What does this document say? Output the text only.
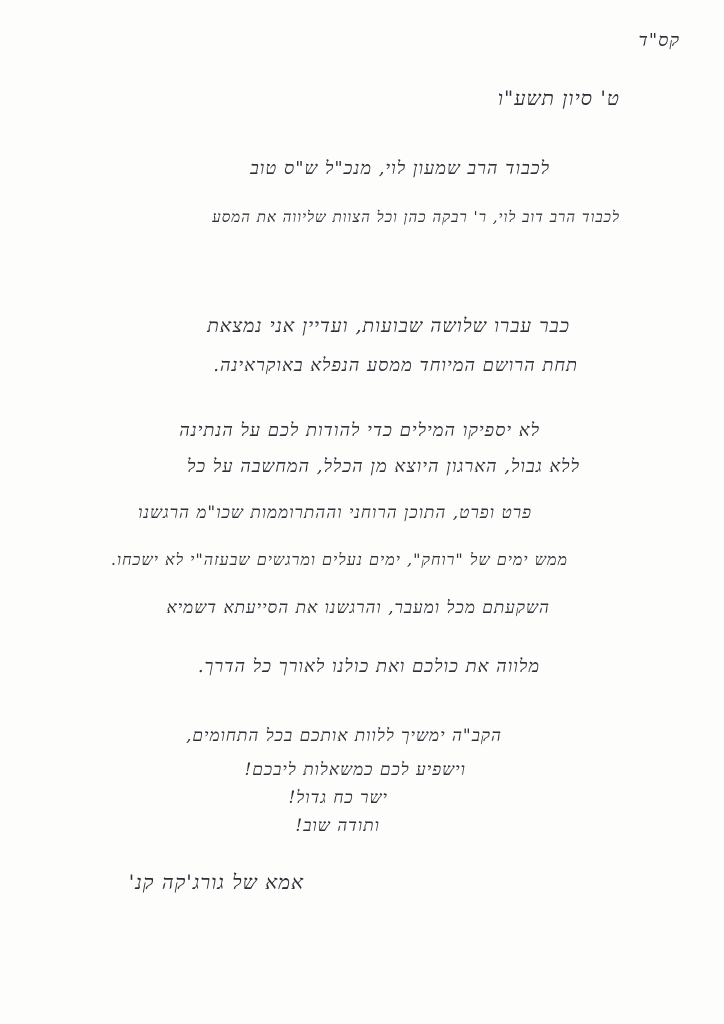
קס"ד
ט' סיון תשע"ו
לכבוד הרב שמעון לוי, מנכ"ל ש"ס טוב
לכבוד הרב דוב לוי, ר' רבקה כהן וכל הצוות שליווה את המסע
כבר עברו שלושה שבועות, ועדיין אני נמצאת
תחת הרושם המיוחד ממסע הנפלא באוקראינה.
לא יספיקו המילים כדי להודות לכם על הנתינה
ללא גבול, הארגון היוצא מן הכלל, המחשבה על כל
פרט ופרט, התוכן הרוחני וההתרוממות שכו"מ הרגשנו
ממש ימים של "רוחק", ימים נעלים ומרגשים שבעזה"י לא ישכחו.
השקעתם מכל ומעבר, והרגשנו את הסייעתא דשמיא
מלווה את כולכם ואת כולנו לאורך כל הדרך.
הקב"ה ימשיך ללוות אותכם בכל התחומים,
וישפיע לכם כמשאלות ליבכם!
ישר כח גדול!
ותודה שוב!
אמא של גורג'קה קנ'
